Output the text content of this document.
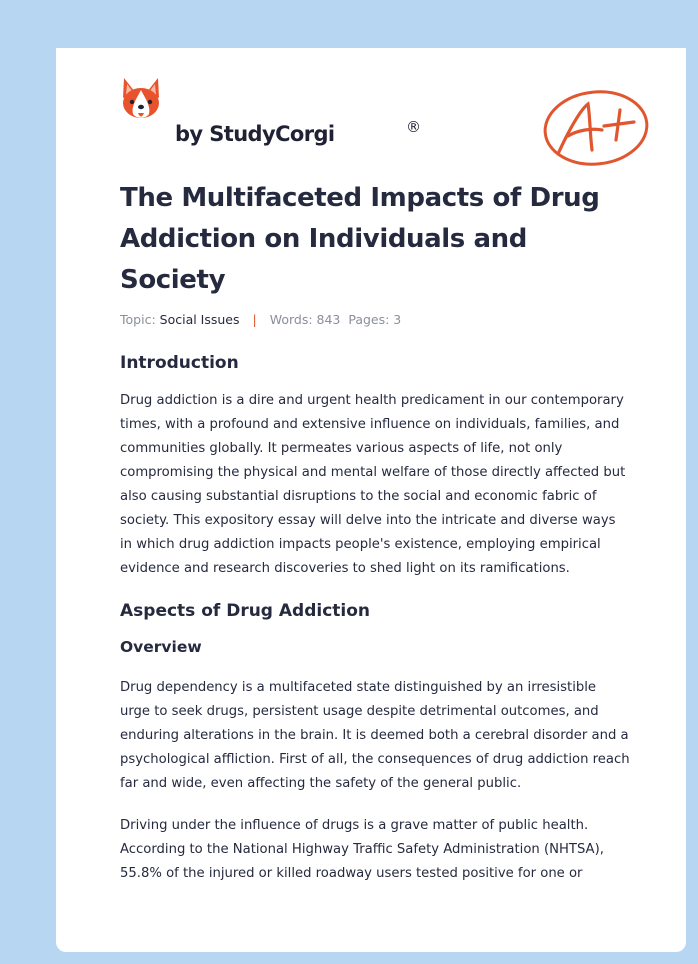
by StudyCorgi	®
The Multifaceted Impacts of Drug Addiction on Individuals and Society
Topic: Social Issues | Words: 843 Pages: 3
Introduction

Drug addiction is a dire and urgent health predicament in our contemporary times, with a profound and extensive influence on individuals, families, and communities globally. It permeates various aspects of life, not only compromising the physical and mental welfare of those directly affected but also causing substantial disruptions to the social and economic fabric of society. This expository essay will delve into the intricate and diverse ways in which drug addiction impacts people's existence, employing empirical evidence and research discoveries to shed light on its ramifications.

Aspects of Drug Addiction
Overview

Drug dependency is a multifaceted state distinguished by an irresistible urge to seek drugs, persistent usage despite detrimental outcomes, and enduring alterations in the brain. It is deemed both a cerebral disorder and a psychological affliction. First of all, the consequences of drug addiction reach far and wide, even affecting the safety of the general public.

Driving under the influence of drugs is a grave matter of public health. According to the National Highway Traffic Safety Administration (NHTSA), 55.8% of the injured or killed roadway users tested positive for one or
